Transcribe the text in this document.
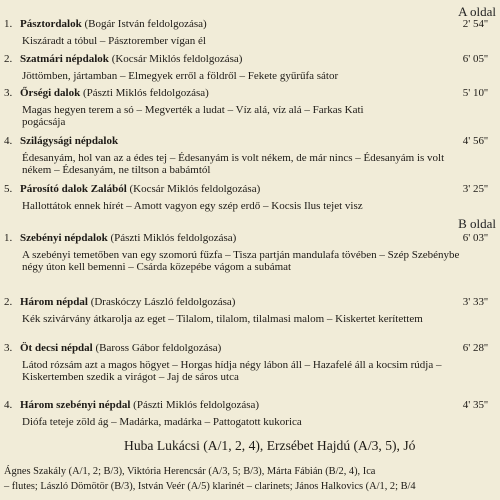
A oldal
1. Pásztordalok (Bogár István feldolgozása)	2' 54''
Kiszáradt a tóbul – Pásztorember vígan él
2. Szatmári népdalok (Kocsár Miklós feldolgozása)	6' 05''
Jöttömben, jártamban – Elmegyek erről a földről – Fekete gyűrűfa sátor
3. Őrségi dalok (Pászti Miklós feldolgozása)	5' 10''
Magas hegyen terem a só – Megverték a ludat – Víz alá, víz alá – Farkas Kati pogácsája
4. Szilágysági népdalok	4' 56''
Édesanyám, hol van az a édes tej – Édesanyám is volt nékem, de már nincs – Édesanyám is volt nékem – Édesanyám, ne tiltson a babámtól
5. Párosító dalok Zalából (Kocsár Miklós feldolgozása)	3' 25''
Hallottátok ennek hírét – Amott vagyon egy szép erdő – Kocsis Ilus tejet visz
B oldal
1. Szebényi népdalok (Pászti Miklós feldolgozása)	6' 03''
A szebényi temetőben van egy szomorú fűzfa – Tisza partján mandulafa tövében – Szép Szebénybe négy úton kell bemenni – Csárda közepébe vágom a subámat
2. Három népdal (Draskóczy László feldolgozása)	3' 33''
Kék szivárvány átkarolja az eget – Tilalom, tilalom, tilalmasi malom – Kiskertet kerítettem
3. Öt decsi népdal (Baross Gábor feldolgozása)	6' 28''
Látod rózsám azt a magos högyet – Horgas hídja négy lábon áll – Hazafelé áll a kocsim rúdja – Kiskertemben szedik a virágot – Jaj de sáros utca
4. Három szebényi népdal (Pászti Miklós feldolgozása)	4' 35''
Diófa teteje zöld ág – Madárka, madárka – Pattogatott kukorica
Huba Lukácsi (A/1, 2, 4), Erzsébet Hajdú (A/3, 5), Jó
Ágnes Szakály (A/1, 2; B/3), Viktória Herencsár (A/3, 5; B/3), Márta Fábián (B/2, 4), Ica
– flutes; László Dömötör (B/3), István Veér (A/5) klarinét – clarinets; János Halkovics (A/1, 2; B/4
